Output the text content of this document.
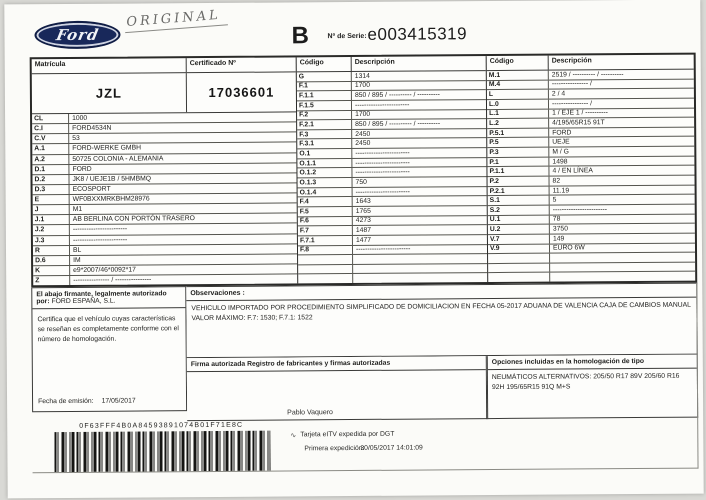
Ford
ORIGINAL
B	Nº de Serie: e003415319
Matrícula	Certificado Nº
JZL	17036601
CL	1000
C.I	FORD4534N
C.V	53
A.1	FORD-WERKE GMBH
A.2	50725 COLONIA - ALEMANIA
D.1	FORD
D.2	JK8 / UEJE1B / 5HMBMQ
D.3	ECOSPORT
E	WF0BXXMRKBHM28976
J	M1
J.1	AB BERLINA CON PORTÓN TRASERO
J.2	------------------------
J.3	------------------------
R	BL
D.6	IM
K	e9*2007/46*0092*17
Z	---------------- / ----------------
Código	Descripción
G	1314
F.1	1700
F.1.1	850 / 895 / ---------- / ----------
F.1.5	------------------------
F.2	1700
F.2.1	850 / 895 / ---------- / ----------
F.3	2450
F.3.1	2450
O.1	------------------------
O.1.1	------------------------
O.1.2	------------------------
O.1.3	750
O.1.4	------------------------
F.4	1643
F.5	1765
F.6	4273
F.7	1487
F.7.1	1477
F.8	------------------------
Código	Descripción
M.1	2519 / ---------- / ----------
M.4	---------------- /
L	2 / 4
L.0	---------------- /
L.1	1 / EJE 1 / ----------
L.2	4/195/65R15 91T
P.5.1	FORD
P.5	UEJE
P.3	M / G
P.1	1498
P.1.1	4 / EN LÍNEA
P.2	82
P.2.1	11.19
S.1	5
S.2	------------------------
U.1	78
U.2	3750
V.7	149
V.9	EURO 6W
El abajo firmante, legalmente autorizado por: FORD ESPAÑA, S.L.
Certifica que el vehículo cuyas características se reseñan es completamente conforme con el número de homologación.
Fecha de emisión: 17/05/2017
Observaciones :
VEHICULO IMPORTADO POR PROCEDIMIENTO SIMPLIFICADO DE DOMICILIACION EN FECHA 05-2017 ADUANA DE VALENCIA CAJA DE CAMBIOS MANUAL VALOR MÁXIMO: F.7: 1530; F.7.1: 1522
Firma autorizada Registro de fabricantes y firmas autorizadas
Pablo Vaquero
Opciones incluidas en la homologación de tipo
NEUMÁTICOS ALTERNATIVOS: 205/50 R17 89V 205/60 R16 92H 195/65R15 91Q M+S
0F63FFF4B0A84593891074B01F71E8C
∿ Tarjeta eITV expedida por DGT
Primera expedición:
30/05/2017 14:01:09
